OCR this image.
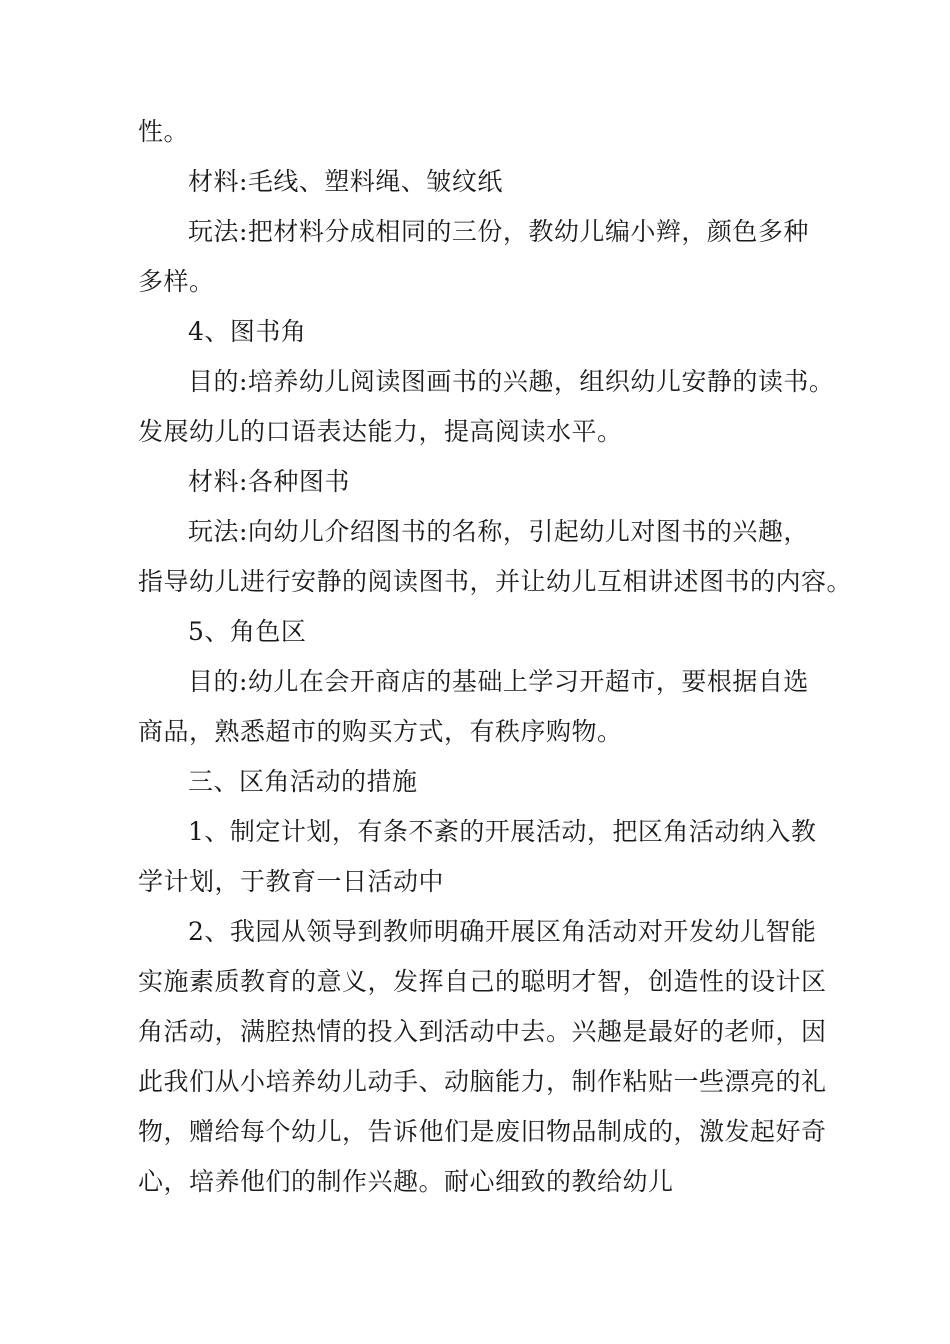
性。
材料:毛线、塑料绳、皱纹纸
玩法:把材料分成相同的三份，教幼儿编小辫，颜色多种
多样。
4、图书角
目的:培养幼儿阅读图画书的兴趣，组织幼儿安静的读书。
发展幼儿的口语表达能力，提高阅读水平。
材料:各种图书
玩法:向幼儿介绍图书的名称，引起幼儿对图书的兴趣，
指导幼儿进行安静的阅读图书，并让幼儿互相讲述图书的内容。
5、角色区
目的:幼儿在会开商店的基础上学习开超市，要根据自选
商品，熟悉超市的购买方式，有秩序购物。
三、区角活动的措施
1、制定计划，有条不紊的开展活动，把区角活动纳入教
学计划，于教育一日活动中
2、我园从领导到教师明确开展区角活动对开发幼儿智能
实施素质教育的意义，发挥自己的聪明才智，创造性的设计区
角活动，满腔热情的投入到活动中去。兴趣是最好的老师，因
此我们从小培养幼儿动手、动脑能力，制作粘贴一些漂亮的礼
物，赠给每个幼儿，告诉他们是废旧物品制成的，激发起好奇
心，培养他们的制作兴趣。耐心细致的教给幼儿
